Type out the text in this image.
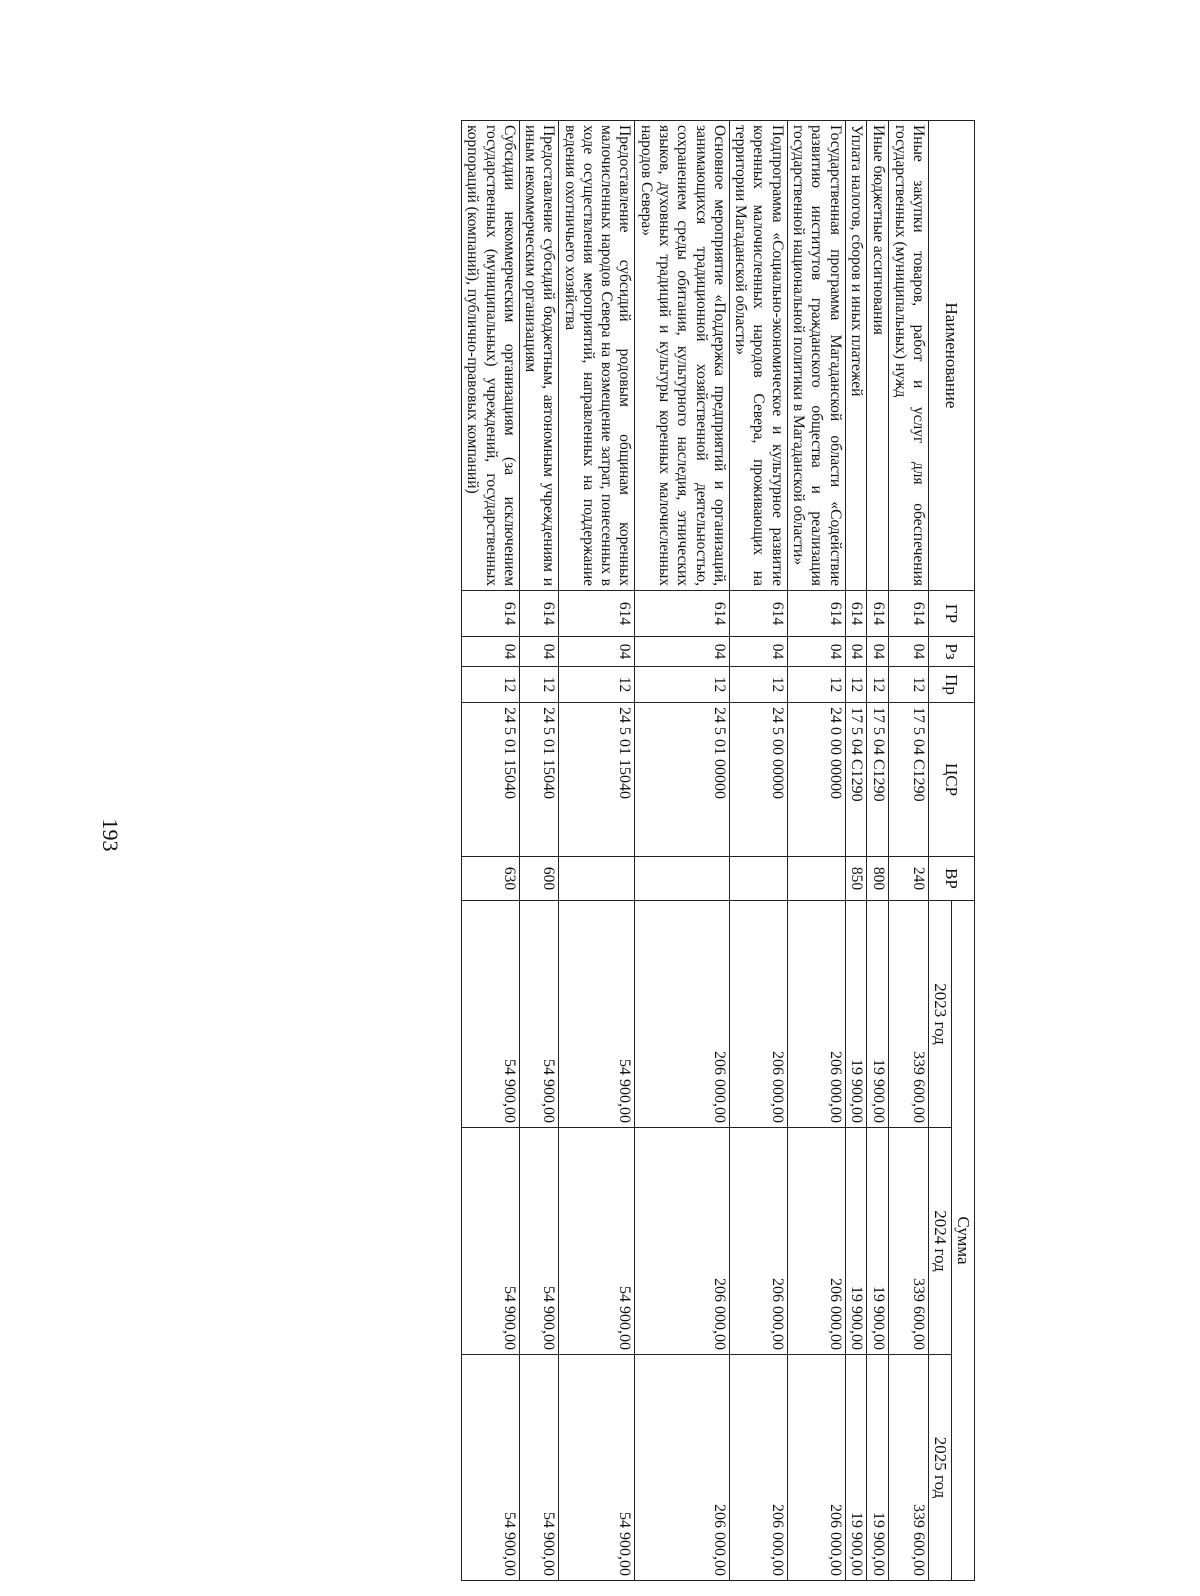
193
Наименование	ГР	Рз	Пр	ЦСР	ВР	Сумма		
						2023 год	2024 год	2025 год
Иные закупки товаров, работ и услуг для обеспечения государственных (муниципальных) нужд	614	04	12	17 5 04 С1290	240	339 600,00	339 600,00	339 600,00
Иные бюджетные ассигнования	614	04	12	17 5 04 С1290	800	19 900,00	19 900,00	19 900,00
Уплата налогов, сборов и иных платежей	614	04	12	17 5 04 С1290	850	19 900,00	19 900,00	19 900,00
Государственная программа Магаданской области «Содействие развитию институтов гражданского общества и реализация государственной национальной политики в Магаданской области»	614	04	12	24 0 00 00000		206 000,00	206 000,00	206 000,00
Подпрограмма «Социально-экономическое и культурное развитие коренных малочисленных народов Севера, проживающих на территории Магаданской области»	614	04	12	24 5 00 00000		206 000,00	206 000,00	206 000,00
Основное мероприятие «Поддержка предприятий и организаций, занимающихся традиционной хозяйственной деятельностью, сохранением среды обитания, культурного наследия, этнических языков, духовных традиций и культуры коренных малочисленных народов Севера»	614	04	12	24 5 01 00000		206 000,00	206 000,00	206 000,00
Предоставление субсидий родовым общинам коренных малочисленных народов Севера на возмещение затрат, понесенных в ходе осуществления мероприятий, направленных на поддержание ведения охотничьего хозяйства	614	04	12	24 5 01 15040		54 900,00	54 900,00	54 900,00
Предоставление субсидий бюджетным, автономным учреждениям и иным некоммерческим организациям	614	04	12	24 5 01 15040	600	54 900,00	54 900,00	54 900,00
Субсидии некоммерческим организациям (за исключением государственных (муниципальных) учреждений, государственных корпораций (компаний), публично-правовых компаний)	614	04	12	24 5 01 15040	630	54 900,00	54 900,00	54 900,00
